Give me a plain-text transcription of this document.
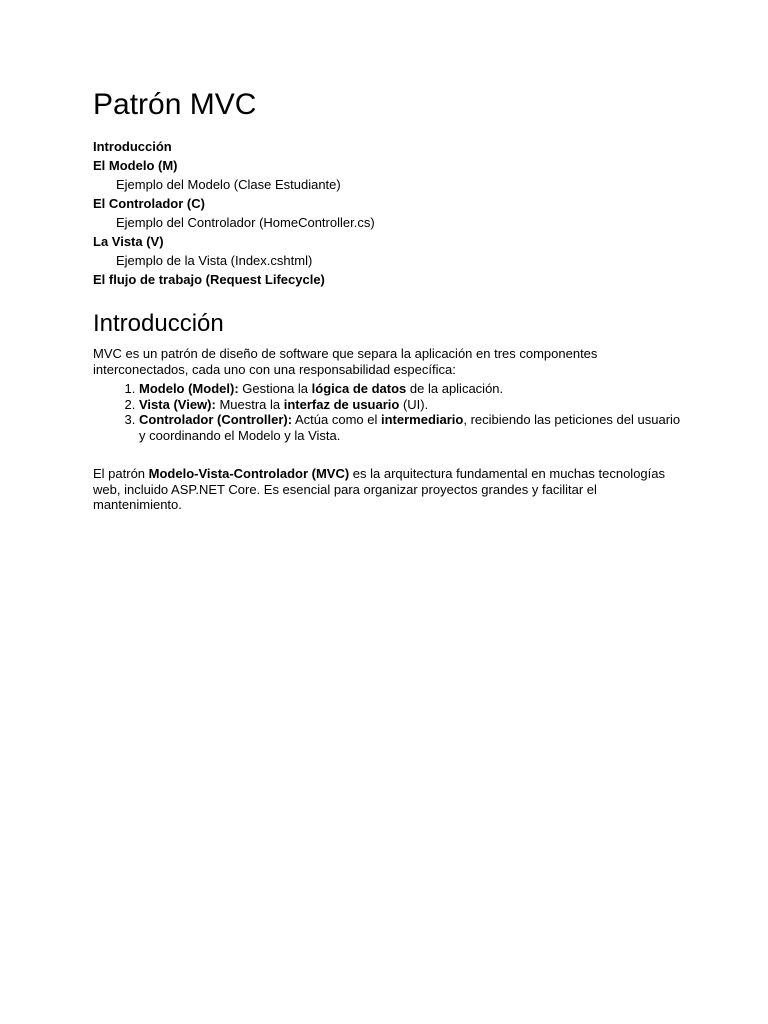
Patrón MVC
Introducción
El Modelo (M)
Ejemplo del Modelo (Clase Estudiante)
El Controlador (C)
Ejemplo del Controlador (HomeController.cs)
La Vista (V)
Ejemplo de la Vista (Index.cshtml)
El flujo de trabajo (Request Lifecycle)
Introducción

MVC es un patrón de diseño de software que separa la aplicación en tres componentes interconectados, cada uno con una responsabilidad específica:

1. Modelo (Model): Gestiona la lógica de datos de la aplicación.
2. Vista (View): Muestra la interfaz de usuario (UI).
3. Controlador (Controller): Actúa como el intermediario, recibiendo las peticiones del usuario y coordinando el Modelo y la Vista.

El patrón Modelo-Vista-Controlador (MVC) es la arquitectura fundamental en muchas tecnologías web, incluido ASP.NET Core. Es esencial para organizar proyectos grandes y facilitar el mantenimiento.
